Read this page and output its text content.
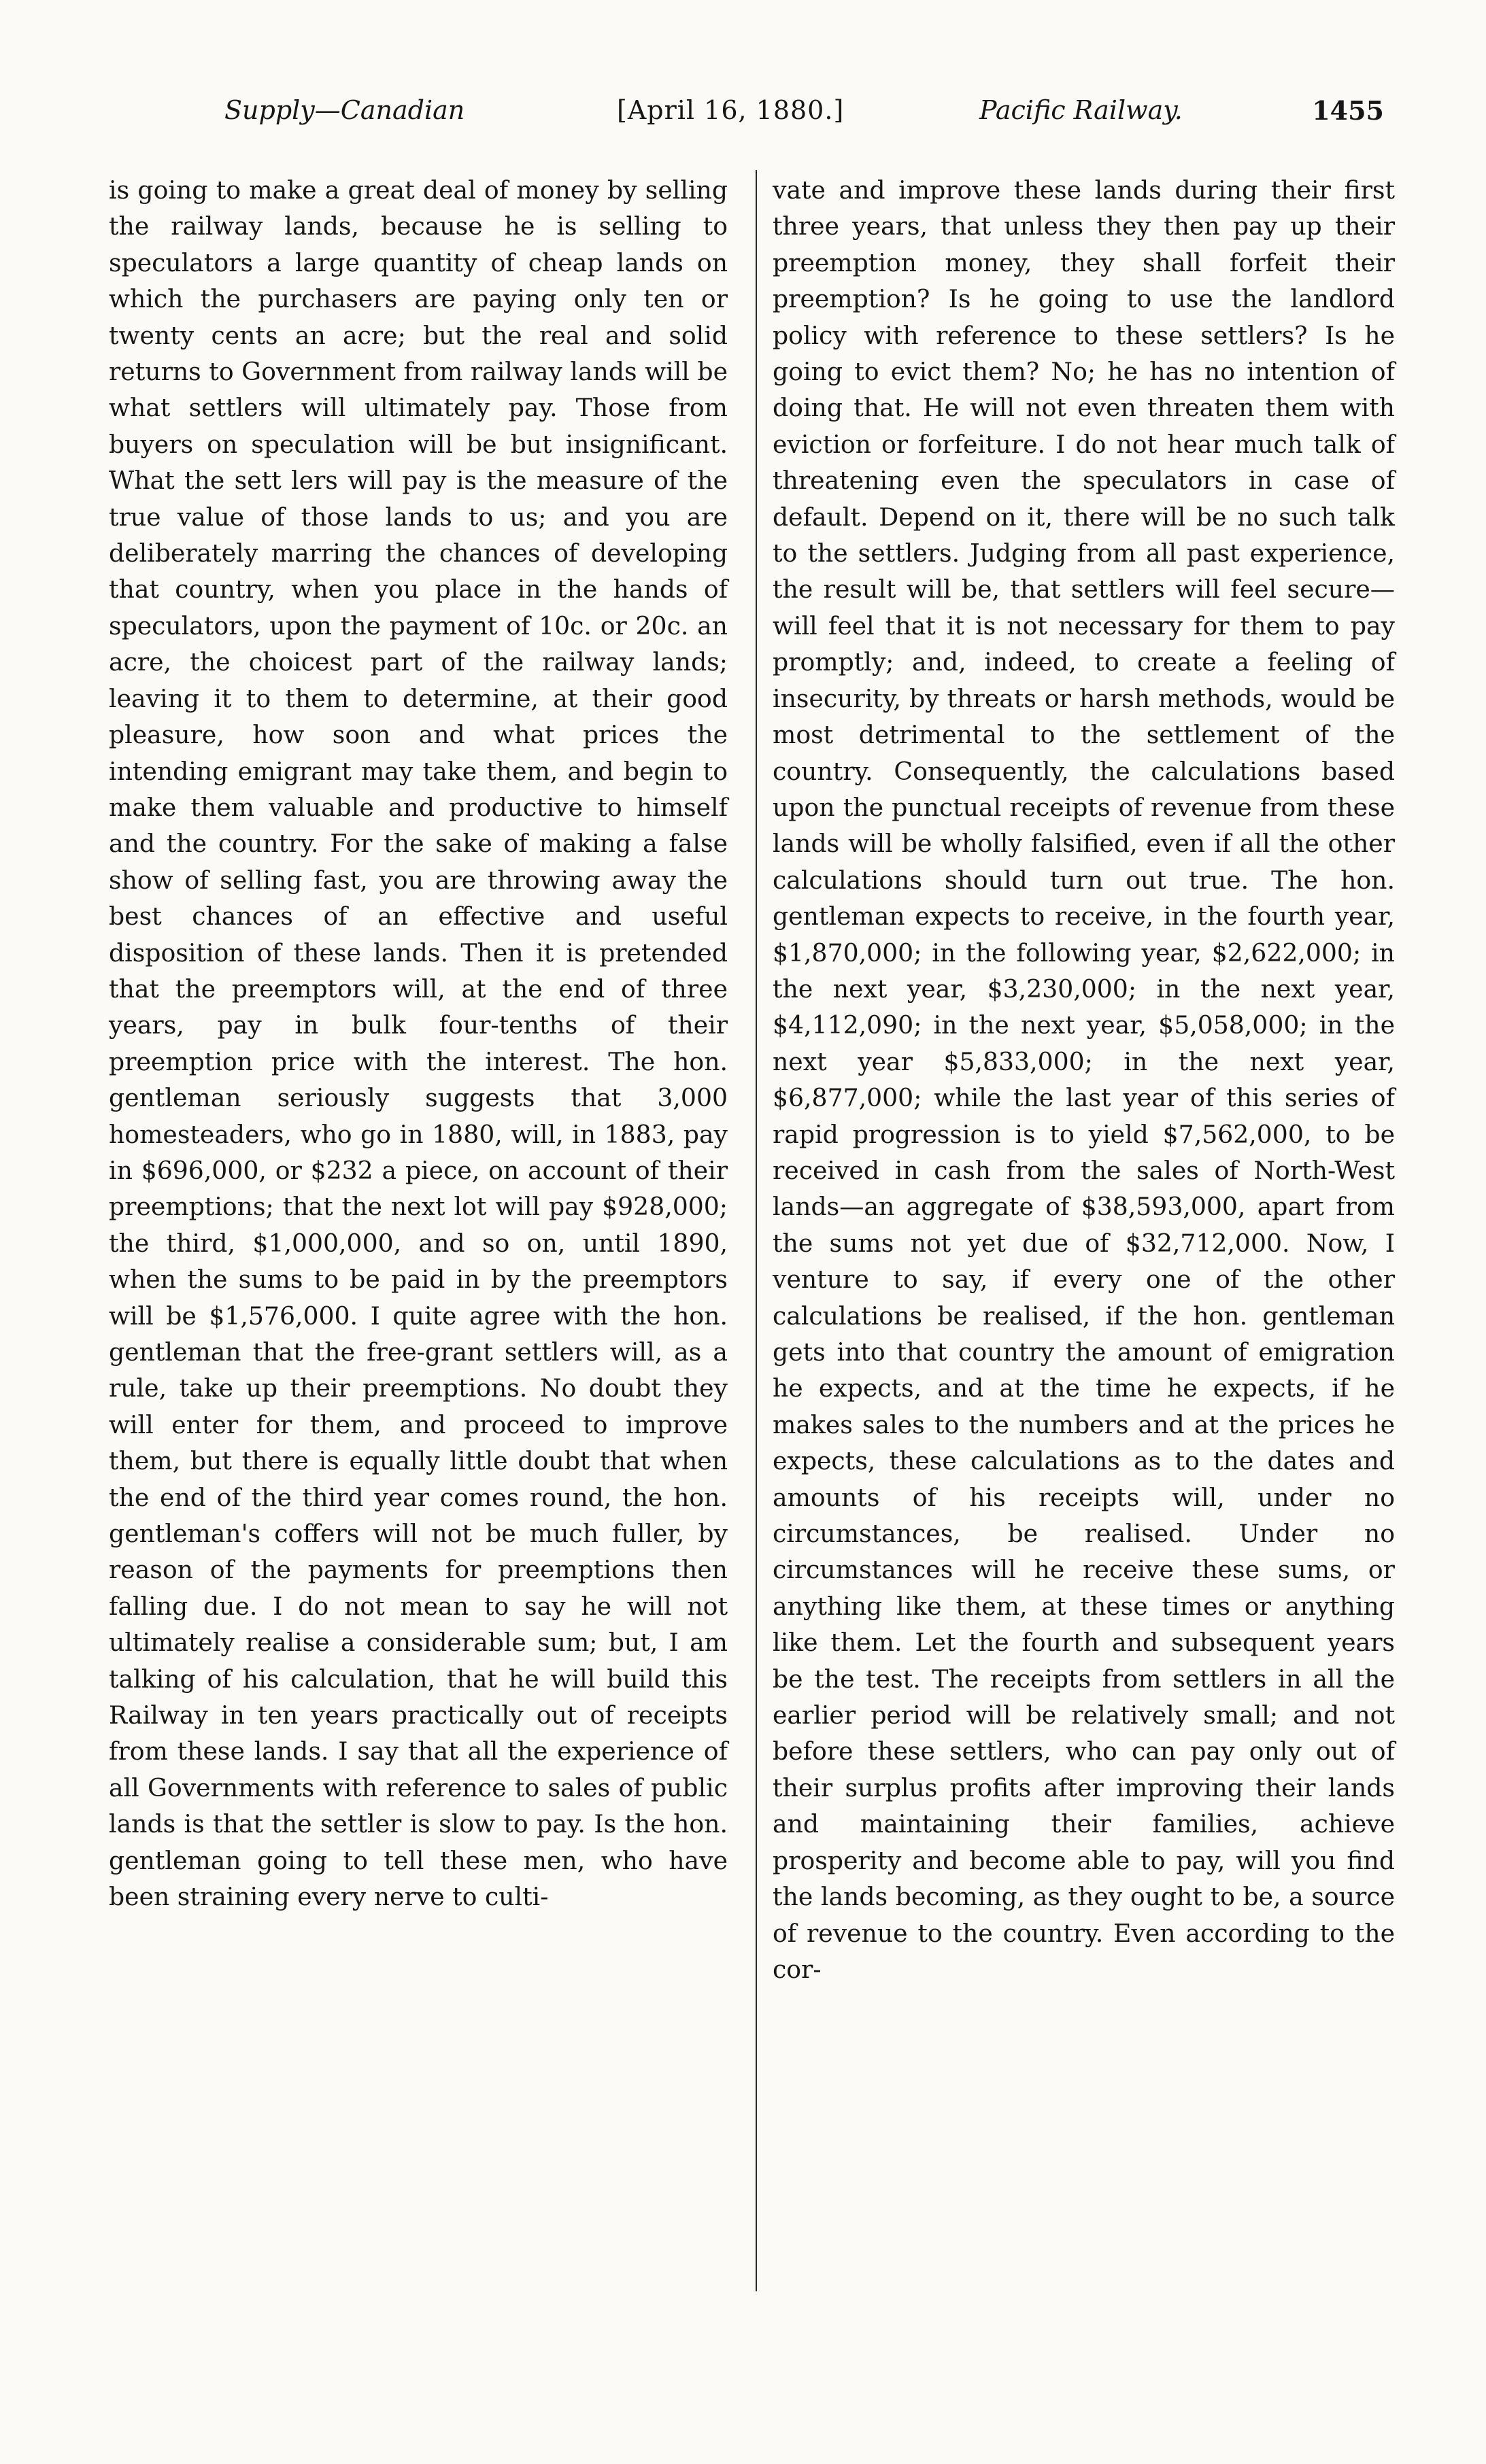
Supply—Canadian	[April 16, 1880.]	Pacific Railway.	1455

is going to make a great deal of money by selling the railway lands, because he is selling to speculators a large quantity of cheap lands on which the purchasers are paying only ten or twenty cents an acre; but the real and solid returns to Government from railway lands will be what settlers will ultimately pay. Those from buyers on speculation will be but insignificant. What the sett lers will pay is the measure of the true value of those lands to us; and you are deliberately marring the chances of developing that country, when you place in the hands of speculators, upon the payment of 10c. or 20c. an acre, the choicest part of the railway lands; leaving it to them to determine, at their good pleasure, how soon and what prices the intending emigrant may take them, and begin to make them valuable and productive to himself and the country. For the sake of making a false show of selling fast, you are throwing away the best chances of an effective and useful disposition of these lands. Then it is pretended that the preemptors will, at the end of three years, pay in bulk four-tenths of their preemption price with the interest. The hon. gentleman seriously suggests that 3,000 homesteaders, who go in 1880, will, in 1883, pay in $696,000, or $232 a piece, on account of their preemptions; that the next lot will pay $928,000; the third, $1,000,000, and so on, until 1890, when the sums to be paid in by the preemptors will be $1,576,000. I quite agree with the hon. gentleman that the free-grant settlers will, as a rule, take up their preemptions. No doubt they will enter for them, and proceed to improve them, but there is equally little doubt that when the end of the third year comes round, the hon. gentleman's coffers will not be much fuller, by reason of the payments for preemptions then falling due. I do not mean to say he will not ultimately realise a considerable sum; but, I am talking of his calculation, that he will build this Railway in ten years practically out of receipts from these lands. I say that all the experience of all Governments with reference to sales of public lands is that the settler is slow to pay. Is the hon. gentleman going to tell these men, who have been straining every nerve to culti-

vate and improve these lands during their first three years, that unless they then pay up their preemption money, they shall forfeit their preemption? Is he going to use the landlord policy with reference to these settlers? Is he going to evict them? No; he has no intention of doing that. He will not even threaten them with eviction or forfeiture. I do not hear much talk of threatening even the speculators in case of default. Depend on it, there will be no such talk to the settlers. Judging from all past experience, the result will be, that settlers will feel secure—will feel that it is not necessary for them to pay promptly; and, indeed, to create a feeling of insecurity, by threats or harsh methods, would be most detrimental to the settlement of the country. Consequently, the calculations based upon the punctual receipts of revenue from these lands will be wholly falsified, even if all the other calculations should turn out true. The hon. gentleman expects to receive, in the fourth year, $1,870,000; in the following year, $2,622,000; in the next year, $3,230,000; in the next year, $4,112,090; in the next year, $5,058,000; in the next year $5,833,000; in the next year, $6,877,000; while the last year of this series of rapid progression is to yield $7,562,000, to be received in cash from the sales of North-West lands—an aggregate of $38,593,000, apart from the sums not yet due of $32,712,000. Now, I venture to say, if every one of the other calculations be realised, if the hon. gentleman gets into that country the amount of emigration he expects, and at the time he expects, if he makes sales to the numbers and at the prices he expects, these calculations as to the dates and amounts of his receipts will, under no circumstances, be realised. Under no circumstances will he receive these sums, or anything like them, at these times or anything like them. Let the fourth and subsequent years be the test. The receipts from settlers in all the earlier period will be relatively small; and not before these settlers, who can pay only out of their surplus profits after improving their lands and maintaining their families, achieve prosperity and become able to pay, will you find the lands becoming, as they ought to be, a source of revenue to the country. Even according to the cor-
